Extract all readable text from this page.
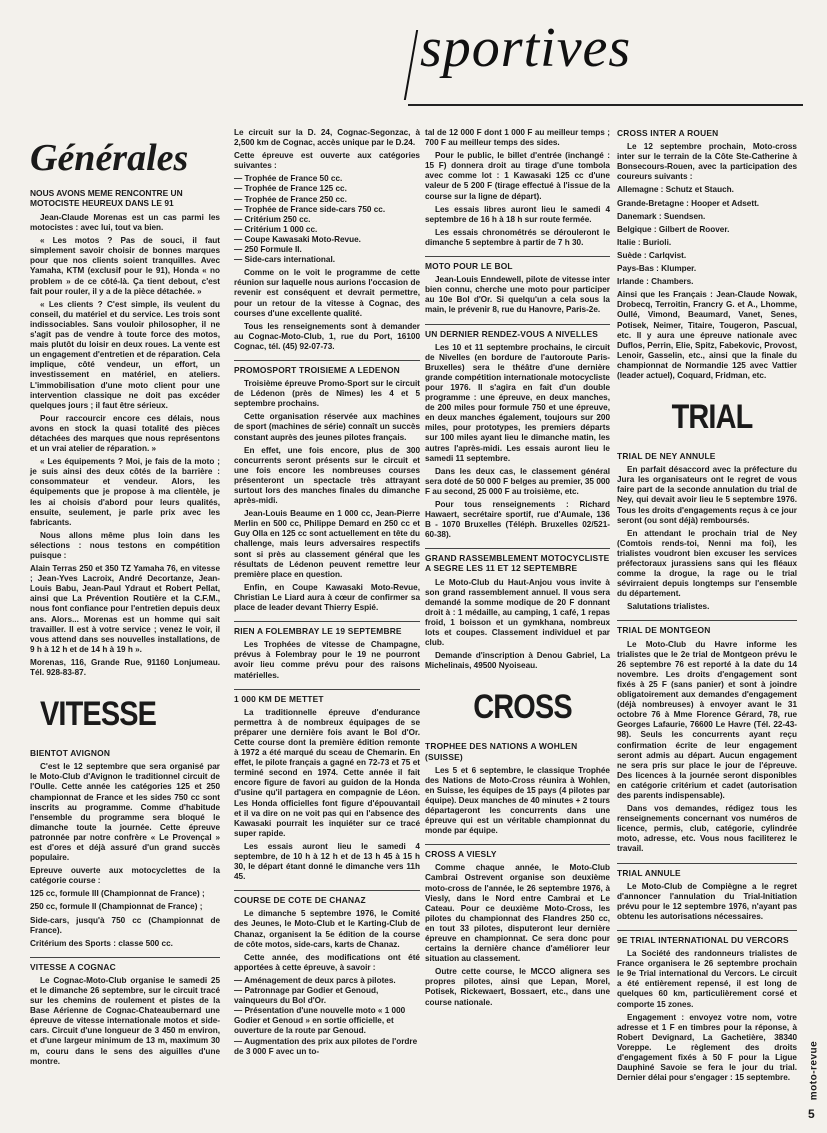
sportives
Générales
NOUS AVONS MEME RENCONTRE UN MOTOCISTE HEUREUX DANS LE 91

Jean-Claude Morenas est un cas parmi les motocistes : avec lui, tout va bien.

« Les motos ? Pas de souci, il faut simplement savoir choisir de bonnes marques pour que nos clients soient tranquilles. Avec Yamaha, KTM (exclusif pour le 91), Honda « no problem » de ce côté-là. Ça tient debout, c'est fait pour rouler, il y a de la pièce détachée. »

« Les clients ? C'est simple, ils veulent du conseil, du matériel et du service. Les trois sont indissociables. Sans vouloir philosopher, il ne s'agit pas de vendre à toute force des motos, mais plutôt du loisir en deux roues. La vente est un engagement d'entretien et de réparation. Cela implique, côté vendeur, un effort, un investissement en matériel, en ateliers. L'immobilisation d'une moto client pour une intervention classique ne doit pas excéder quelques jours ; il faut être sérieux.

Pour raccourcir encore ces délais, nous avons en stock la quasi totalité des pièces détachées des marques que nous représentons et un vrai atelier de réparation. »

« Les équipements ? Moi, je fais de la moto ; je suis ainsi des deux côtés de la barrière : consommateur et vendeur. Alors, les équipements que je propose à ma clientèle, je les ai choisis d'abord pour leurs qualités, ensuite, seulement, je parle prix avec les fabricants.

Nous allons même plus loin dans les sélections : nous testons en compétition puisque :

Alain Terras 250 et 350 TZ Yamaha 76, en vitesse ; Jean-Yves Lacroix, André Decortanze, Jean-Louis Babu, Jean-Paul Ydraut et Robert Pellat, ainsi que La Prévention Routière et la C.F.M., nous font confiance pour l'entretien depuis deux ans. Alors... Morenas est un homme qui sait travailler. Il est à votre service ; venez le voir, il vous attend dans ses nouvelles installations, de 9 h à 12 h et de 14 h à 19 h ».

Morenas, 116, Grande Rue, 91160 Lonjumeau. Tél. 928-83-87.

VITESSE
BIENTOT AVIGNON

C'est le 12 septembre que sera organisé par le Moto-Club d'Avignon le traditionnel circuit de l'Oulle. Cette année les catégories 125 et 250 championnat de France et les sides 750 cc sont inscrits au programme. Comme d'habitude l'ensemble du programme sera bloqué le dimanche toute la journée. Cette épreuve patronnée par notre confrère « Le Provençal » est d'ores et déjà assuré d'un grand succès populaire.

Epreuve ouverte aux motocyclettes de la catégorie course :

125 cc, formule III (Championnat de France) ;

250 cc, formule II (Championnat de France) ;

Side-cars, jusqu'à 750 cc (Championnat de France).

Critérium des Sports : classe 500 cc.

VITESSE A COGNAC

Le Cognac-Moto-Club organise le samedi 25 et le dimanche 26 septembre, sur le circuit tracé sur les chemins de roulement et pistes de la Base Aérienne de Cognac-Chateaubernard une épreuve de vitesse internationale motos et side-cars. Circuit d'une longueur de 3 450 m environ, et d'une largeur minimum de 13 m, maximum 30 m, couru dans le sens des aiguilles d'une montre.

Le circuit sur la D. 24, Cognac-Segonzac, à 2,500 km de Cognac, accès unique par le D.24.

Cette épreuve est ouverte aux catégories suivantes :

— Trophée de France 50 cc.
— Trophée de France 125 cc.
— Trophée de France 250 cc.
— Trophée de France side-cars 750 cc.
— Critérium 250 cc.
— Critérium 1 000 cc.
— Coupe Kawasaki Moto-Revue.
— 250 Formule II.
— Side-cars international.

Comme on le voit le programme de cette réunion sur laquelle nous aurions l'occasion de revenir est conséquent et devrait permettre, pour un retour de la vitesse à Cognac, des courses d'une excellente qualité.

Tous les renseignements sont à demander au Cognac-Moto-Club, 1, rue du Port, 16100 Cognac, tél. (45) 92-07-73.

PROMOSPORT TROISIEME A LEDENON

Troisième épreuve Promo-Sport sur le circuit de Lédenon (près de Nîmes) les 4 et 5 septembre prochains.

Cette organisation réservée aux machines de sport (machines de série) connaît un succès constant auprès des jeunes pilotes français.

En effet, une fois encore, plus de 300 concurrents seront présents sur le circuit et une fois encore les nombreuses courses présenteront un spectacle très attrayant surtout lors des manches finales du dimanche après-midi.

Jean-Louis Beaume en 1 000 cc, Jean-Pierre Merlin en 500 cc, Philippe Demard en 250 cc et Guy Olla en 125 cc sont actuellement en tête du challenge, mais leurs adversaires respectifs sont si près au classement général que les résultats de Lédenon peuvent remettre leur première place en question.

Enfin, en Coupe Kawasaki Moto-Revue, Christian Le Liard aura à cœur de confirmer sa place de leader devant Thierry Espié.

RIEN A FOLEMBRAY LE 19 SEPTEMBRE

Les Trophées de vitesse de Champagne, prévus à Folembray pour le 19 ne pourront avoir lieu comme prévu pour des raisons matérielles.

1 000 KM DE METTET

La traditionnelle épreuve d'endurance permettra à de nombreux équipages de se préparer une dernière fois avant le Bol d'Or. Cette course dont la première édition remonte à 1972 a été marqué du sceau de Chemarin. En effet, le pilote français a gagné en 72-73 et 75 et terminé second en 1974. Cette année il fait encore figure de favori au guidon de la Honda d'usine qu'il partagera en compagnie de Léon. Les Honda officielles font figure d'épouvantail et il va dire on ne voit pas qui en l'absence des Kawasaki pourrait les inquiéter sur ce tracé super rapide.

Les essais auront lieu le samedi 4 septembre, de 10 h à 12 h et de 13 h 45 à 15 h 30, le départ étant donné le dimanche vers 11h 45.

COURSE DE COTE DE CHANAZ

Le dimanche 5 septembre 1976, le Comité des Jeunes, le Moto-Club et le Karting-Club de Chanaz, organisent la 5e édition de la course de côte motos, side-cars, karts de Chanaz.

Cette année, des modifications ont été apportées à cette épreuve, à savoir :

— Aménagement de deux parcs à pilotes.
— Patronnage par Godier et Genoud, vainqueurs du Bol d'Or.
— Présentation d'une nouvelle moto « 1 000 Godier et Genoud » en sortie officielle, et ouverture de la route par Genoud.
— Augmentation des prix aux pilotes de l'ordre de 3 000 F avec un to-

tal de 12 000 F dont 1 000 F au meilleur temps ; 700 F au meilleur temps des sides.

Pour le public, le billet d'entrée (inchangé : 15 F) donnera droit au tirage d'une tombola avec comme lot : 1 Kawasaki 125 cc d'une valeur de 5 200 F (tirage effectué à l'issue de la course sur la ligne de départ).

Les essais libres auront lieu le samedi 4 septembre de 16 h à 18 h sur route fermée.

Les essais chronométrés se dérouleront le dimanche 5 septembre à partir de 7 h 30.

MOTO POUR LE BOL

Jean-Louis Enndewell, pilote de vitesse inter bien connu, cherche une moto pour participer au 10e Bol d'Or. Si quelqu'un a cela sous la main, le prévenir 8, rue du Hanovre, Paris-2e.

UN DERNIER RENDEZ-VOUS A NIVELLES

Les 10 et 11 septembre prochains, le circuit de Nivelles (en bordure de l'autoroute Paris-Bruxelles) sera le théâtre d'une dernière grande compétition internationale motocycliste pour 1976. Il s'agira en fait d'un double programme : une épreuve, en deux manches, de 200 miles pour formule 750 et une épreuve, en deux manches également, toujours sur 200 miles, pour prototypes, les premiers départs sur 100 miles ayant lieu le dimanche matin, les autres l'après-midi. Les essais auront lieu le samedi 11 septembre.

Dans les deux cas, le classement général sera doté de 50 000 F belges au premier, 35 000 F au second, 25 000 F au troisième, etc.

Pour tous renseignements : Richard Hawaert, secrétaire sportif, rue d'Aumale, 136 B - 1070 Bruxelles (Téléph. Bruxelles 02/521-60-38).

GRAND RASSEMBLEMENT MOTOCYCLISTE A SEGRE LES 11 ET 12 SEPTEMBRE

Le Moto-Club du Haut-Anjou vous invite à son grand rassemblement annuel. Il vous sera demandé la somme modique de 20 F donnant droit à : 1 médaille, au camping, 1 café, 1 repas froid, 1 boisson et un gymkhana, nombreux lots et coupes. Classement individuel et par club.

Demande d'inscription à Denou Gabriel, La Michelinais, 49500 Nyoiseau.

CROSS
TROPHEE DES NATIONS A WOHLEN (SUISSE)

Les 5 et 6 septembre, le classique Trophée des Nations de Moto-Cross réunira à Wohlen, en Suisse, les équipes de 15 pays (4 pilotes par équipe). Deux manches de 40 minutes + 2 tours départageront les concurrents dans une épreuve qui est un véritable championnat du monde par équipe.

CROSS A VIESLY

Comme chaque année, le Moto-Club Cambrai Ostrevent organise son deuxième moto-cross de l'année, le 26 septembre 1976, à Viesly, dans le Nord entre Cambrai et Le Cateau. Pour ce deuxième Moto-Cross, les pilotes du championnat des Flandres 250 cc, en tout 33 pilotes, disputeront leur dernière épreuve en championnat. Ce sera donc pour certains la dernière chance d'améliorer leur situation au classement.

Outre cette course, le MCCO alignera ses propres pilotes, ainsi que Lepan, Morel, Potisek, Rickewaert, Bossaert, etc., dans une course nationale.

CROSS INTER A ROUEN

Le 12 septembre prochain, Moto-cross inter sur le terrain de la Côte Ste-Catherine à Bonsecours-Rouen, avec la participation des coureurs suivants :

Allemagne : Schutz et Stauch.

Grande-Bretagne : Hooper et Adsett.

Danemark : Suendsen.

Belgique : Gilbert de Roover.

Italie : Burioli.

Suède : Carlqvist.

Pays-Bas : Klumper.

Irlande : Chambers.

Ainsi que les Français : Jean-Claude Nowak, Drobecq, Terroitin, Francry G. et A., Lhomme, Oullé, Vimond, Beaumard, Vanet, Senes, Potisek, Neimer, Titaire, Tougeron, Pascual, etc. Il y aura une épreuve nationale avec Duflos, Perrin, Elie, Spitz, Fabekovic, Provost, Lenoir, Gasselin, etc., ainsi que la finale du championnat de Normandie 125 avec Vattier (leader actuel), Coquard, Fridman, etc.

TRIAL
TRIAL DE NEY ANNULE

En parfait désaccord avec la préfecture du Jura les organisateurs ont le regret de vous faire part de la seconde annulation du trial de Ney, qui devait avoir lieu le 5 septembre 1976. Tous les droits d'engagements reçus à ce jour seront (ou sont déjà) remboursés.

En attendant le prochain trial de Ney (Comtois rends-toi, Nenni ma foi), les trialistes voudront bien excuser les services préfectoraux jurassiens sans qui les fléaux comme la drogue, la rage ou le trial sévirraient depuis longtemps sur l'ensemble du département.

Salutations trialistes.

TRIAL DE MONTGEON

Le Moto-Club du Havre informe les trialistes que le 2e trial de Montgeon prévu le 26 septembre 76 est reporté à la date du 14 novembre. Les droits d'engagement sont fixés à 25 F (sans panier) et sont à joindre obligatoirement aux demandes d'engagement (déjà nombreuses) à envoyer avant le 31 octobre 76 à Mme Florence Gérard, 78, rue Georges Lafaurie, 76600 Le Havre (Tél. 22-43-98). Seuls les concurrents ayant reçu confirmation écrite de leur engagement seront admis au départ. Aucun engagement ne sera pris sur place le jour de l'épreuve. Des licences à la journée seront disponibles en catégorie critérium et cadet (autorisation des parents indispensable).

Dans vos demandes, rédigez tous les renseignements concernant vos numéros de licence, permis, club, catégorie, cylindrée moto, adresse, etc. Vous nous faciliterez le travail.

TRIAL ANNULE

Le Moto-Club de Compiègne a le regret d'annoncer l'annulation du Trial-Initiation prévu pour le 12 septembre 1976, n'ayant pas obtenu les autorisations nécessaires.

9E TRIAL INTERNATIONAL DU VERCORS

La Société des randonneurs trialistes de France organisera le 26 septembre prochain le 9e Trial international du Vercors. Le circuit a été entièrement repensé, il est long de quelques 60 km, particulièrement corsé et comporte 15 zones.

Engagement : envoyez votre nom, votre adresse et 1 F en timbres pour la réponse, à Robert Devignard, La Gachetière, 38340 Voreppe. Le règlement des droits d'engagement fixés à 50 F pour la Ligue Dauphiné Savoie se fera le jour du trial. Dernier délai pour s'engager : 15 septembre.	moto-revue
5
